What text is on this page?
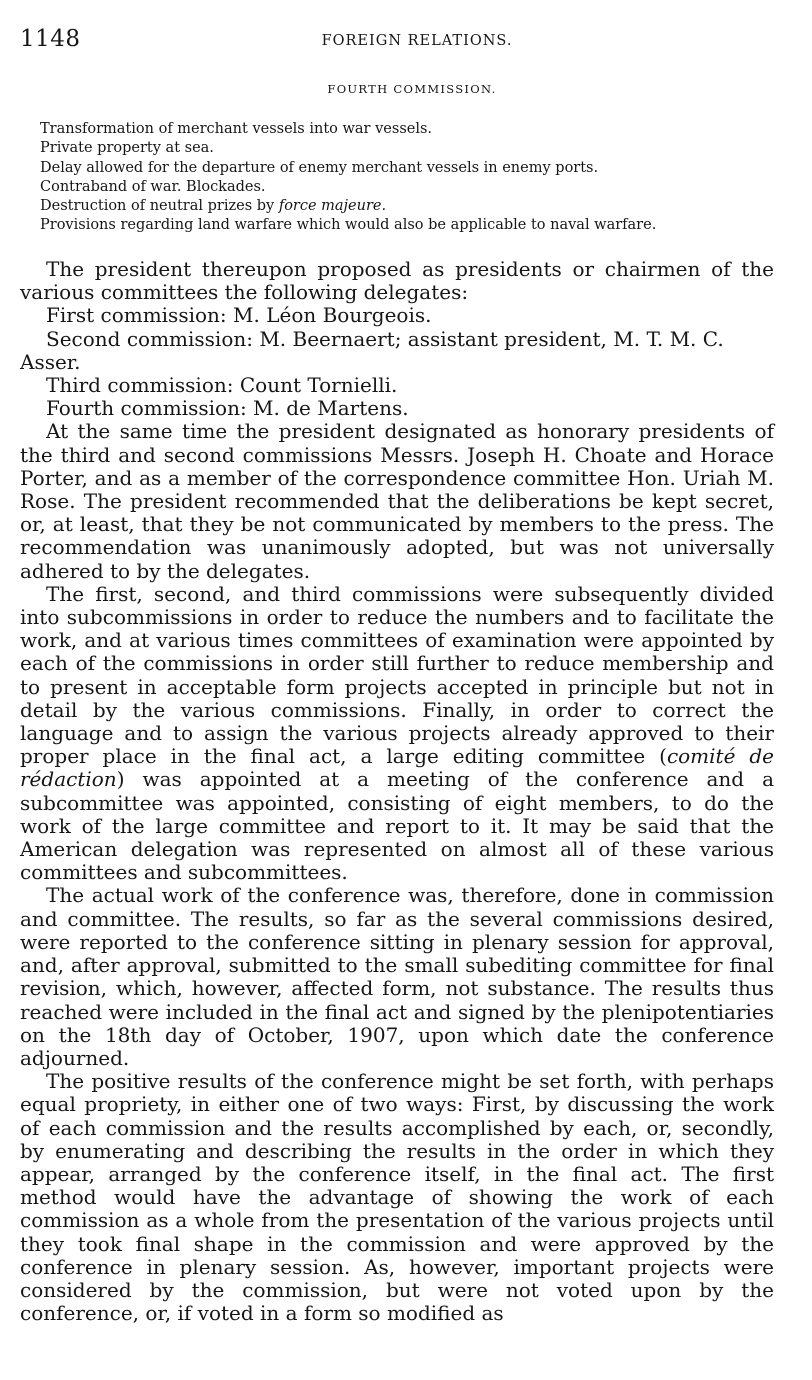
1148	FOREIGN RELATIONS.
FOURTH COMMISSION.

Transformation of merchant vessels into war vessels.

Private property at sea.

Delay allowed for the departure of enemy merchant vessels in enemy ports.

Contraband of war. Blockades.

Destruction of neutral prizes by force majeure.

Provisions regarding land warfare which would also be applicable to naval warfare.

The president thereupon proposed as presidents or chairmen of the various committees the following delegates:

First commission: M. Léon Bourgeois.

Second commission: M. Beernaert; assistant president, M. T. M. C. Asser.

Third commission: Count Tornielli.

Fourth commission: M. de Martens.

At the same time the president designated as honorary presidents of the third and second commissions Messrs. Joseph H. Choate and Horace Porter, and as a member of the correspondence committee Hon. Uriah M. Rose. The president recommended that the deliberations be kept secret, or, at least, that they be not communicated by members to the press. The recommendation was unanimously adopted, but was not universally adhered to by the delegates.

The first, second, and third commissions were subsequently divided into subcommissions in order to reduce the numbers and to facilitate the work, and at various times committees of examination were appointed by each of the commissions in order still further to reduce membership and to present in acceptable form projects accepted in principle but not in detail by the various commissions. Finally, in order to correct the language and to assign the various projects already approved to their proper place in the final act, a large editing committee (comité de rédaction) was appointed at a meeting of the conference and a subcommittee was appointed, consisting of eight members, to do the work of the large committee and report to it. It may be said that the American delegation was represented on almost all of these various committees and subcommittees.

The actual work of the conference was, therefore, done in commission and committee. The results, so far as the several commissions desired, were reported to the conference sitting in plenary session for approval, and, after approval, submitted to the small subediting committee for final revision, which, however, affected form, not substance. The results thus reached were included in the final act and signed by the plenipotentiaries on the 18th day of October, 1907, upon which date the conference adjourned.

The positive results of the conference might be set forth, with perhaps equal propriety, in either one of two ways: First, by discussing the work of each commission and the results accomplished by each, or, secondly, by enumerating and describing the results in the order in which they appear, arranged by the conference itself, in the final act. The first method would have the advantage of showing the work of each commission as a whole from the presentation of the various projects until they took final shape in the commission and were approved by the conference in plenary session. As, however, important projects were considered by the commission, but were not voted upon by the conference, or, if voted in a form so modified as
